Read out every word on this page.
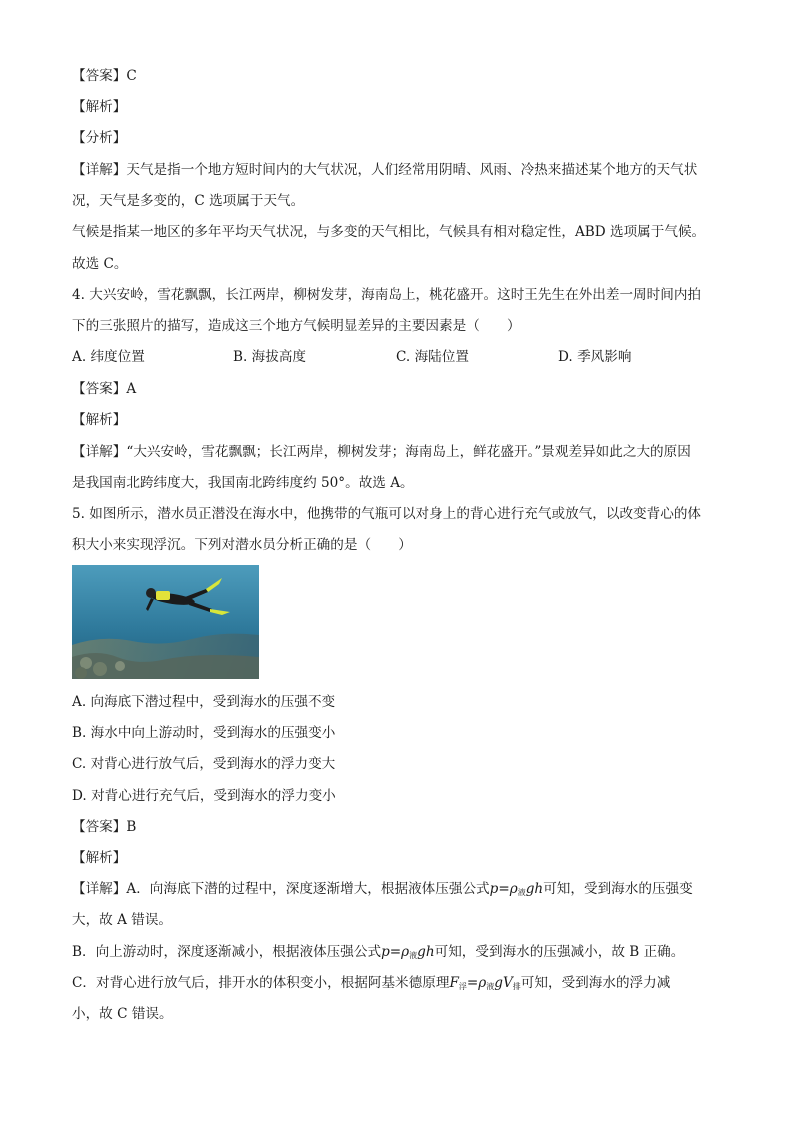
【答案】C
【解析】
【分析】
【详解】天气是指一个地方短时间内的大气状况，人们经常用阴晴、风雨、冷热来描述某个地方的天气状
况，天气是多变的，C 选项属于天气。
气候是指某一地区的多年平均天气状况，与多变的天气相比，气候具有相对稳定性，ABD 选项属于气候。
故选 C。
4. 大兴安岭，雪花飘飘，长江两岸，柳树发芽，海南岛上，桃花盛开。这时王先生在外出差一周时间内拍
下的三张照片的描写，造成这三个地方气候明显差异的主要因素是（　　）
A. 纬度位置	B. 海拔高度	C. 海陆位置	D. 季风影响
【答案】A
【解析】
【详解】“大兴安岭，雪花飘飘；长江两岸，柳树发芽；海南岛上，鲜花盛开。”景观差异如此之大的原因
是我国南北跨纬度大，我国南北跨纬度约 50°。故选 A。
5. 如图所示，潜水员正潜没在海水中，他携带的气瓶可以对身上的背心进行充气或放气，以改变背心的体
积大小来实现浮沉。下列对潜水员分析正确的是（　　）
A. 向海底下潜过程中，受到海水的压强不变
B. 海水中向上游动时，受到海水的压强变小
C. 对背心进行放气后，受到海水的浮力变大
D. 对背心进行充气后，受到海水的浮力变小
【答案】B
【解析】
【详解】A．向海底下潜的过程中，深度逐渐增大，根据液体压强公式$p=\rho_液gh$可知，受到海水的压强变
大，故 A 错误。
B．向上游动时，深度逐渐减小，根据液体压强公式$p=\rho_液gh$可知，受到海水的压强减小，故 B 正确。
C．对背心进行放气后，排开水的体积变小，根据阿基米德原理$F_浮=\rho_液gV_排$可知，受到海水的浮力减
小，故 C 错误。
